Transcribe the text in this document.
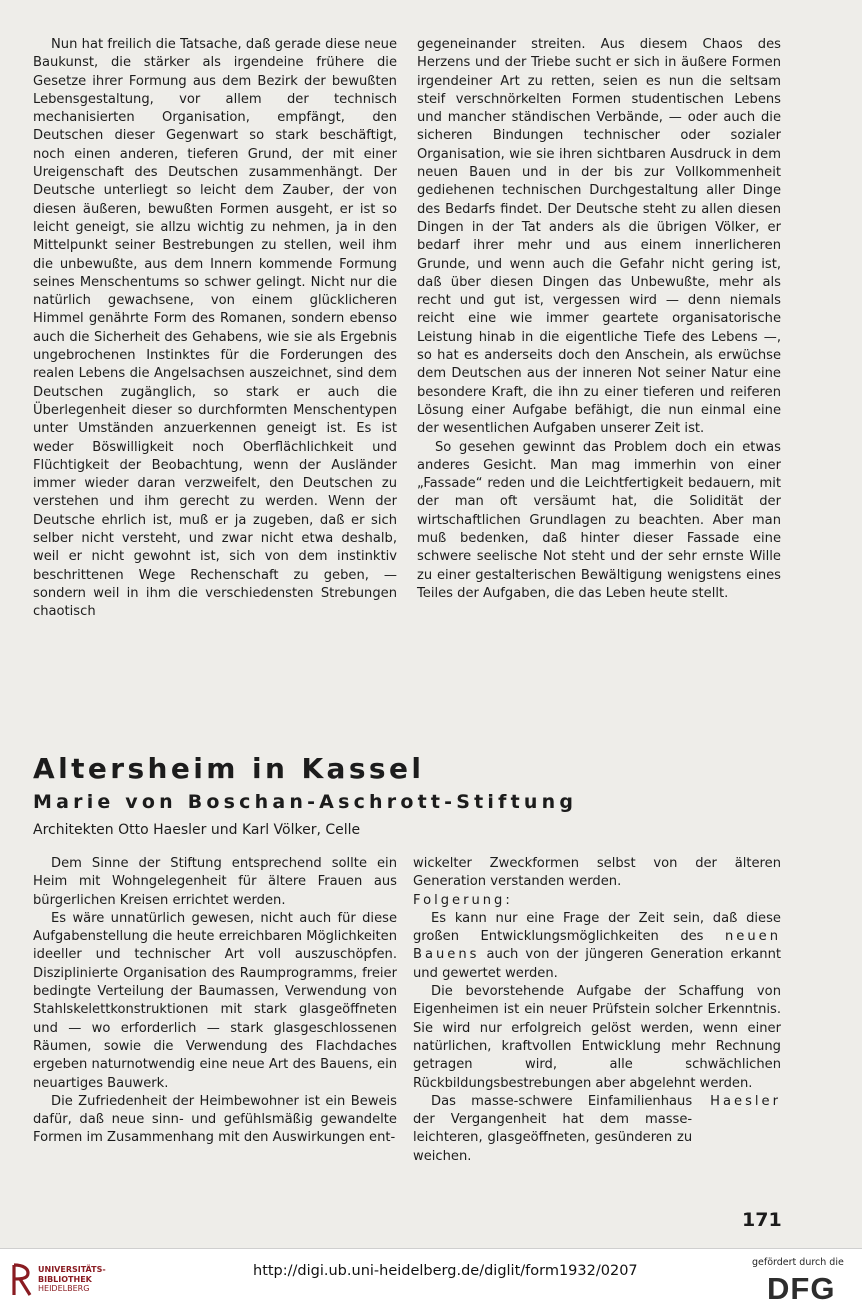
Nun hat freilich die Tatsache, daß gerade diese neue Baukunst, die stärker als irgendeine frühere die Gesetze ihrer Formung aus dem Bezirk der bewußten Lebensgestaltung, vor allem der technisch mechanisierten Organisation, empfängt, den Deutschen dieser Gegenwart so stark beschäftigt, noch einen anderen, tieferen Grund, der mit einer Ureigenschaft des Deutschen zusammenhängt. Der Deutsche unterliegt so leicht dem Zauber, der von diesen äußeren, bewußten Formen ausgeht, er ist so leicht geneigt, sie allzu wichtig zu nehmen, ja in den Mittelpunkt seiner Bestrebungen zu stellen, weil ihm die unbewußte, aus dem Innern kommende Formung seines Menschentums so schwer gelingt. Nicht nur die natürlich gewachsene, von einem glücklicheren Himmel genährte Form des Romanen, sondern ebenso auch die Sicherheit des Gehabens, wie sie als Ergebnis ungebrochenen Instinktes für die Forderungen des realen Lebens die Angelsachsen auszeichnet, sind dem Deutschen zugänglich, so stark er auch die Überlegenheit dieser so durchformten Menschentypen unter Umständen anzuerkennen geneigt ist. Es ist weder Böswilligkeit noch Oberflächlichkeit und Flüchtigkeit der Beobachtung, wenn der Ausländer immer wieder daran verzweifelt, den Deutschen zu verstehen und ihm gerecht zu werden. Wenn der Deutsche ehrlich ist, muß er ja zugeben, daß er sich selber nicht versteht, und zwar nicht etwa deshalb, weil er nicht gewohnt ist, sich von dem instinktiv beschrittenen Wege Rechenschaft zu geben, — sondern weil in ihm die verschiedensten Strebungen chaotisch

gegeneinander streiten. Aus diesem Chaos des Herzens und der Triebe sucht er sich in äußere Formen irgendeiner Art zu retten, seien es nun die seltsam steif verschnörkelten Formen studentischen Lebens und mancher ständischen Verbände, — oder auch die sicheren Bindungen technischer oder sozialer Organisation, wie sie ihren sichtbaren Ausdruck in dem neuen Bauen und in der bis zur Vollkommenheit gediehenen technischen Durchgestaltung aller Dinge des Bedarfs findet. Der Deutsche steht zu allen diesen Dingen in der Tat anders als die übrigen Völker, er bedarf ihrer mehr und aus einem innerlicheren Grunde, und wenn auch die Gefahr nicht gering ist, daß über diesen Dingen das Unbewußte, mehr als recht und gut ist, vergessen wird — denn niemals reicht eine wie immer geartete organisatorische Leistung hinab in die eigentliche Tiefe des Lebens —, so hat es anderseits doch den Anschein, als erwüchse dem Deutschen aus der inneren Not seiner Natur eine besondere Kraft, die ihn zu einer tieferen und reiferen Lösung einer Aufgabe befähigt, die nun einmal eine der wesentlichen Aufgaben unserer Zeit ist.

So gesehen gewinnt das Problem doch ein etwas anderes Gesicht. Man mag immerhin von einer „Fassade“ reden und die Leichtfertigkeit bedauern, mit der man oft versäumt hat, die Solidität der wirtschaftlichen Grundlagen zu beachten. Aber man muß bedenken, daß hinter dieser Fassade eine schwere seelische Not steht und der sehr ernste Wille zu einer gestalterischen Bewältigung wenigstens eines Teiles der Aufgaben, die das Leben heute stellt.

Altersheim in Kassel
Marie von Boschan-Aschrott-Stiftung
Architekten Otto Haesler und Karl Völker, Celle

Dem Sinne der Stiftung entsprechend sollte ein Heim mit Wohngelegenheit für ältere Frauen aus bürgerlichen Kreisen errichtet werden.

Es wäre unnatürlich gewesen, nicht auch für diese Aufgabenstellung die heute erreichbaren Möglichkeiten ideeller und technischer Art voll auszuschöpfen. Disziplinierte Organisation des Raumprogramms, freier bedingte Verteilung der Baumassen, Verwendung von Stahlskelettkonstruktionen mit stark glasgeöffneten und — wo erforderlich — stark glasgeschlossenen Räumen, sowie die Verwendung des Flachdaches ergeben naturnotwendig eine neue Art des Bauens, ein neuartiges Bauwerk.

Die Zufriedenheit der Heimbewohner ist ein Beweis dafür, daß neue sinn- und gefühlsmäßig gewandelte Formen im Zusammenhang mit den Auswirkungen ent-

wickelter Zweckformen selbst von der älteren Generation verstanden werden.

Folgerung:

Es kann nur eine Frage der Zeit sein, daß diese großen Entwicklungsmöglichkeiten des neuen Bauens auch von der jüngeren Generation erkannt und gewertet werden.

Die bevorstehende Aufgabe der Schaffung von Eigenheimen ist ein neuer Prüfstein solcher Erkenntnis. Sie wird nur erfolgreich gelöst werden, wenn einer natürlichen, kraftvollen Entwicklung mehr Rechnung getragen wird, alle schwächlichen Rückbildungsbestrebungen aber abgelehnt werden.

Das masse-schwere Einfamilienhaus der Vergangenheit hat dem masse-leichteren, glasgeöffneten, gesünderen zu weichen.
Haesler

171
UNIVERSITÄTS-
BIBLIOTHEK
HEIDELBERG
http://digi.ub.uni-heidelberg.de/diglit/form1932/0207
gefördert durch die
DFG
